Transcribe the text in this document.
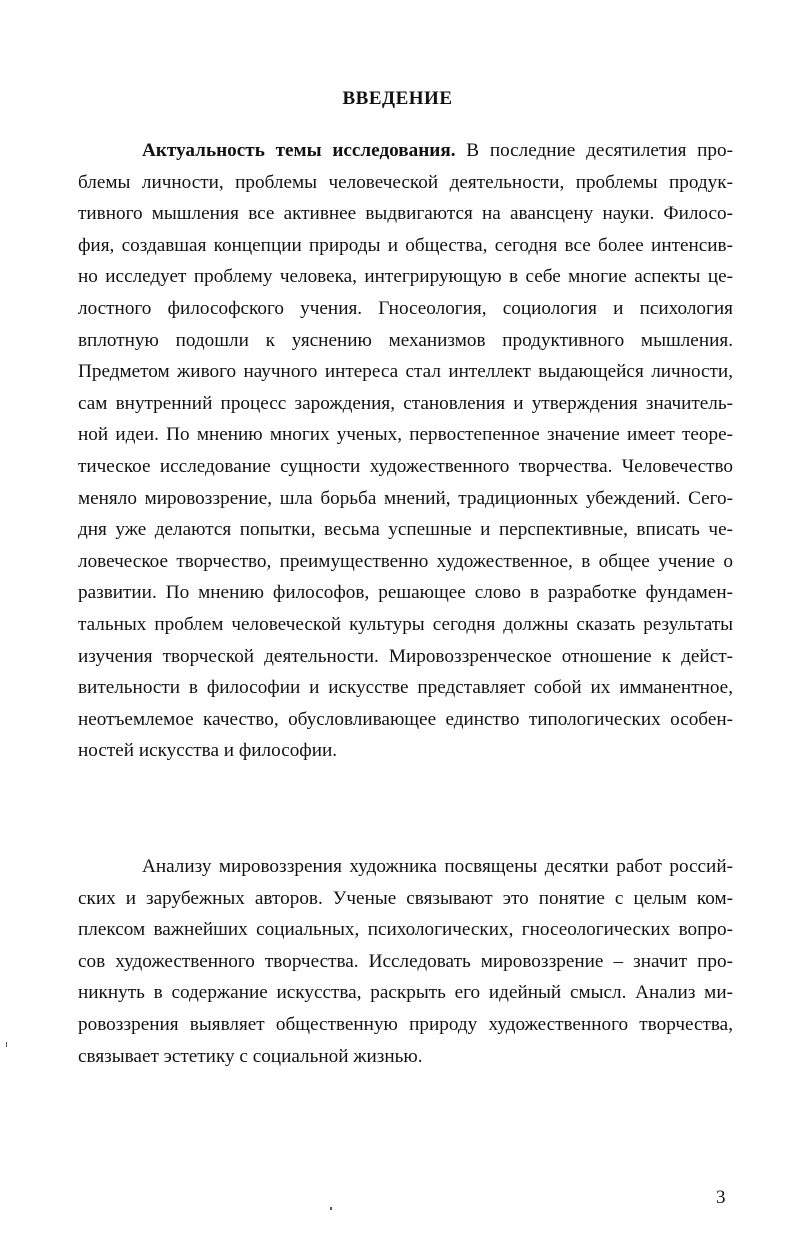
ВВЕДЕНИЕ
Актуальность темы исследования. В последние десятилетия про-
блемы личности, проблемы человеческой деятельности, проблемы продук-
тивного мышления все активнее выдвигаются на авансцену науки. Филосо-
фия, создавшая концепции природы и общества, сегодня все более интенсив-
но исследует проблему человека, интегрирующую в себе многие аспекты це-
лостного философского учения. Гносеология, социология и психология
вплотную подошли к уяснению механизмов продуктивного мышления.
Предметом живого научного интереса стал интеллект выдающейся личности,
сам внутренний процесс зарождения, становления и утверждения значитель-
ной идеи. По мнению многих ученых, первостепенное значение имеет теоре-
тическое исследование сущности художественного творчества. Человечество
меняло мировоззрение, шла борьба мнений, традиционных убеждений. Сего-
дня уже делаются попытки, весьма успешные и перспективные, вписать че-
ловеческое творчество, преимущественно художественное, в общее учение о
развитии. По мнению философов, решающее слово в разработке фундамен-
тальных проблем человеческой культуры сегодня должны сказать результаты
изучения творческой деятельности. Мировоззренческое отношение к дейст-
вительности в философии и искусстве представляет собой их имманентное,
неотъемлемое качество, обусловливающее единство типологических особен-
ностей искусства и философии.
Анализу мировоззрения художника посвящены десятки работ россий-
ских и зарубежных авторов. Ученые связывают это понятие с целым ком-
плексом важнейших социальных, психологических, гносеологических вопро-
сов художественного творчества. Исследовать мировоззрение – значит про-
никнуть в содержание искусства, раскрыть его идейный смысл. Анализ ми-
ровоззрения выявляет общественную природу художественного творчества,
связывает эстетику с социальной жизнью.
3
